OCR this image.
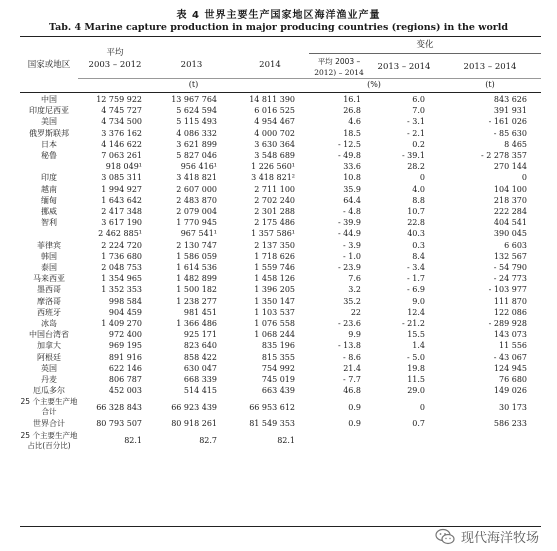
表 4 世界主要生产国家地区海洋渔业产量
Tab. 4 Marine capture production in major producing countries (regions) in the world
国家或地区
平均
2003 – 2012	2013	2014
变化
平均 2003 –
2012) – 2014
2013 – 2014	2013 – 2014
(t)	(%)	(t)
中国	12 759 922	13 967 764	14 811 390	16.1	6.0	843 626
印度尼西亚	4 745 727	5 624 594	6 016 525	26.8	7.0	391 931
美国	4 734 500	5 115 493	4 954 467	4.6	- 3.1	- 161 026
俄罗斯联邦	3 376 162	4 086 332	4 000 702	18.5	- 2.1	- 85 630
日本	4 146 622	3 621 899	3 630 364	- 12.5	0.2	8 465
秘鲁	7 063 261	5 827 046	3 548 689	- 49.8	- 39.1	- 2 278 357
	918 049¹	956 416¹	1 226 560¹	33.6	28.2	270 144
印度	3 085 311	3 418 821	3 418 821²	10.8	0	0
越南	1 994 927	2 607 000	2 711 100	35.9	4.0	104 100
缅甸	1 643 642	2 483 870	2 702 240	64.4	8.8	218 370
挪威	2 417 348	2 079 004	2 301 288	- 4.8	10.7	222 284
智利	3 617 190	1 770 945	2 175 486	- 39.9	22.8	404 541
	2 462 885¹	967 541¹	1 357 586¹	- 44.9	40.3	390 045
菲律宾	2 224 720	2 130 747	2 137 350	- 3.9	0.3	6 603
韩国	1 736 680	1 586 059	1 718 626	- 1.0	8.4	132 567
泰国	2 048 753	1 614 536	1 559 746	- 23.9	- 3.4	- 54 790
马来西亚	1 354 965	1 482 899	1 458 126	7.6	- 1.7	- 24 773
墨西哥	1 352 353	1 500 182	1 396 205	3.2	- 6.9	- 103 977
摩洛哥	998 584	1 238 277	1 350 147	35.2	9.0	111 870
西班牙	904 459	981 451	1 103 537	22	12.4	122 086
冰岛	1 409 270	1 366 486	1 076 558	- 23.6	- 21.2	- 289 928
中国台湾省	972 400	925 171	1 068 244	9.9	15.5	143 073
加拿大	969 195	823 640	835 196	- 13.8	1.4	11 556
阿根廷	891 916	858 422	815 355	- 8.6	- 5.0	- 43 067
英国	622 146	630 047	754 992	21.4	19.8	124 945
丹麦	806 787	668 339	745 019	- 7.7	11.5	76 680
厄瓜多尔	452 003	514 415	663 439	46.8	29.0	149 026
25 个主要生产地合计	66 328 843	66 923 439	66 953 612	0.9	0	30 173
世界合计	80 793 507	80 918 261	81 549 353	0.9	0.7	586 233
25 个主要生产地占比(百分比)	82.1	82.7	82.1			
现代海洋牧场
